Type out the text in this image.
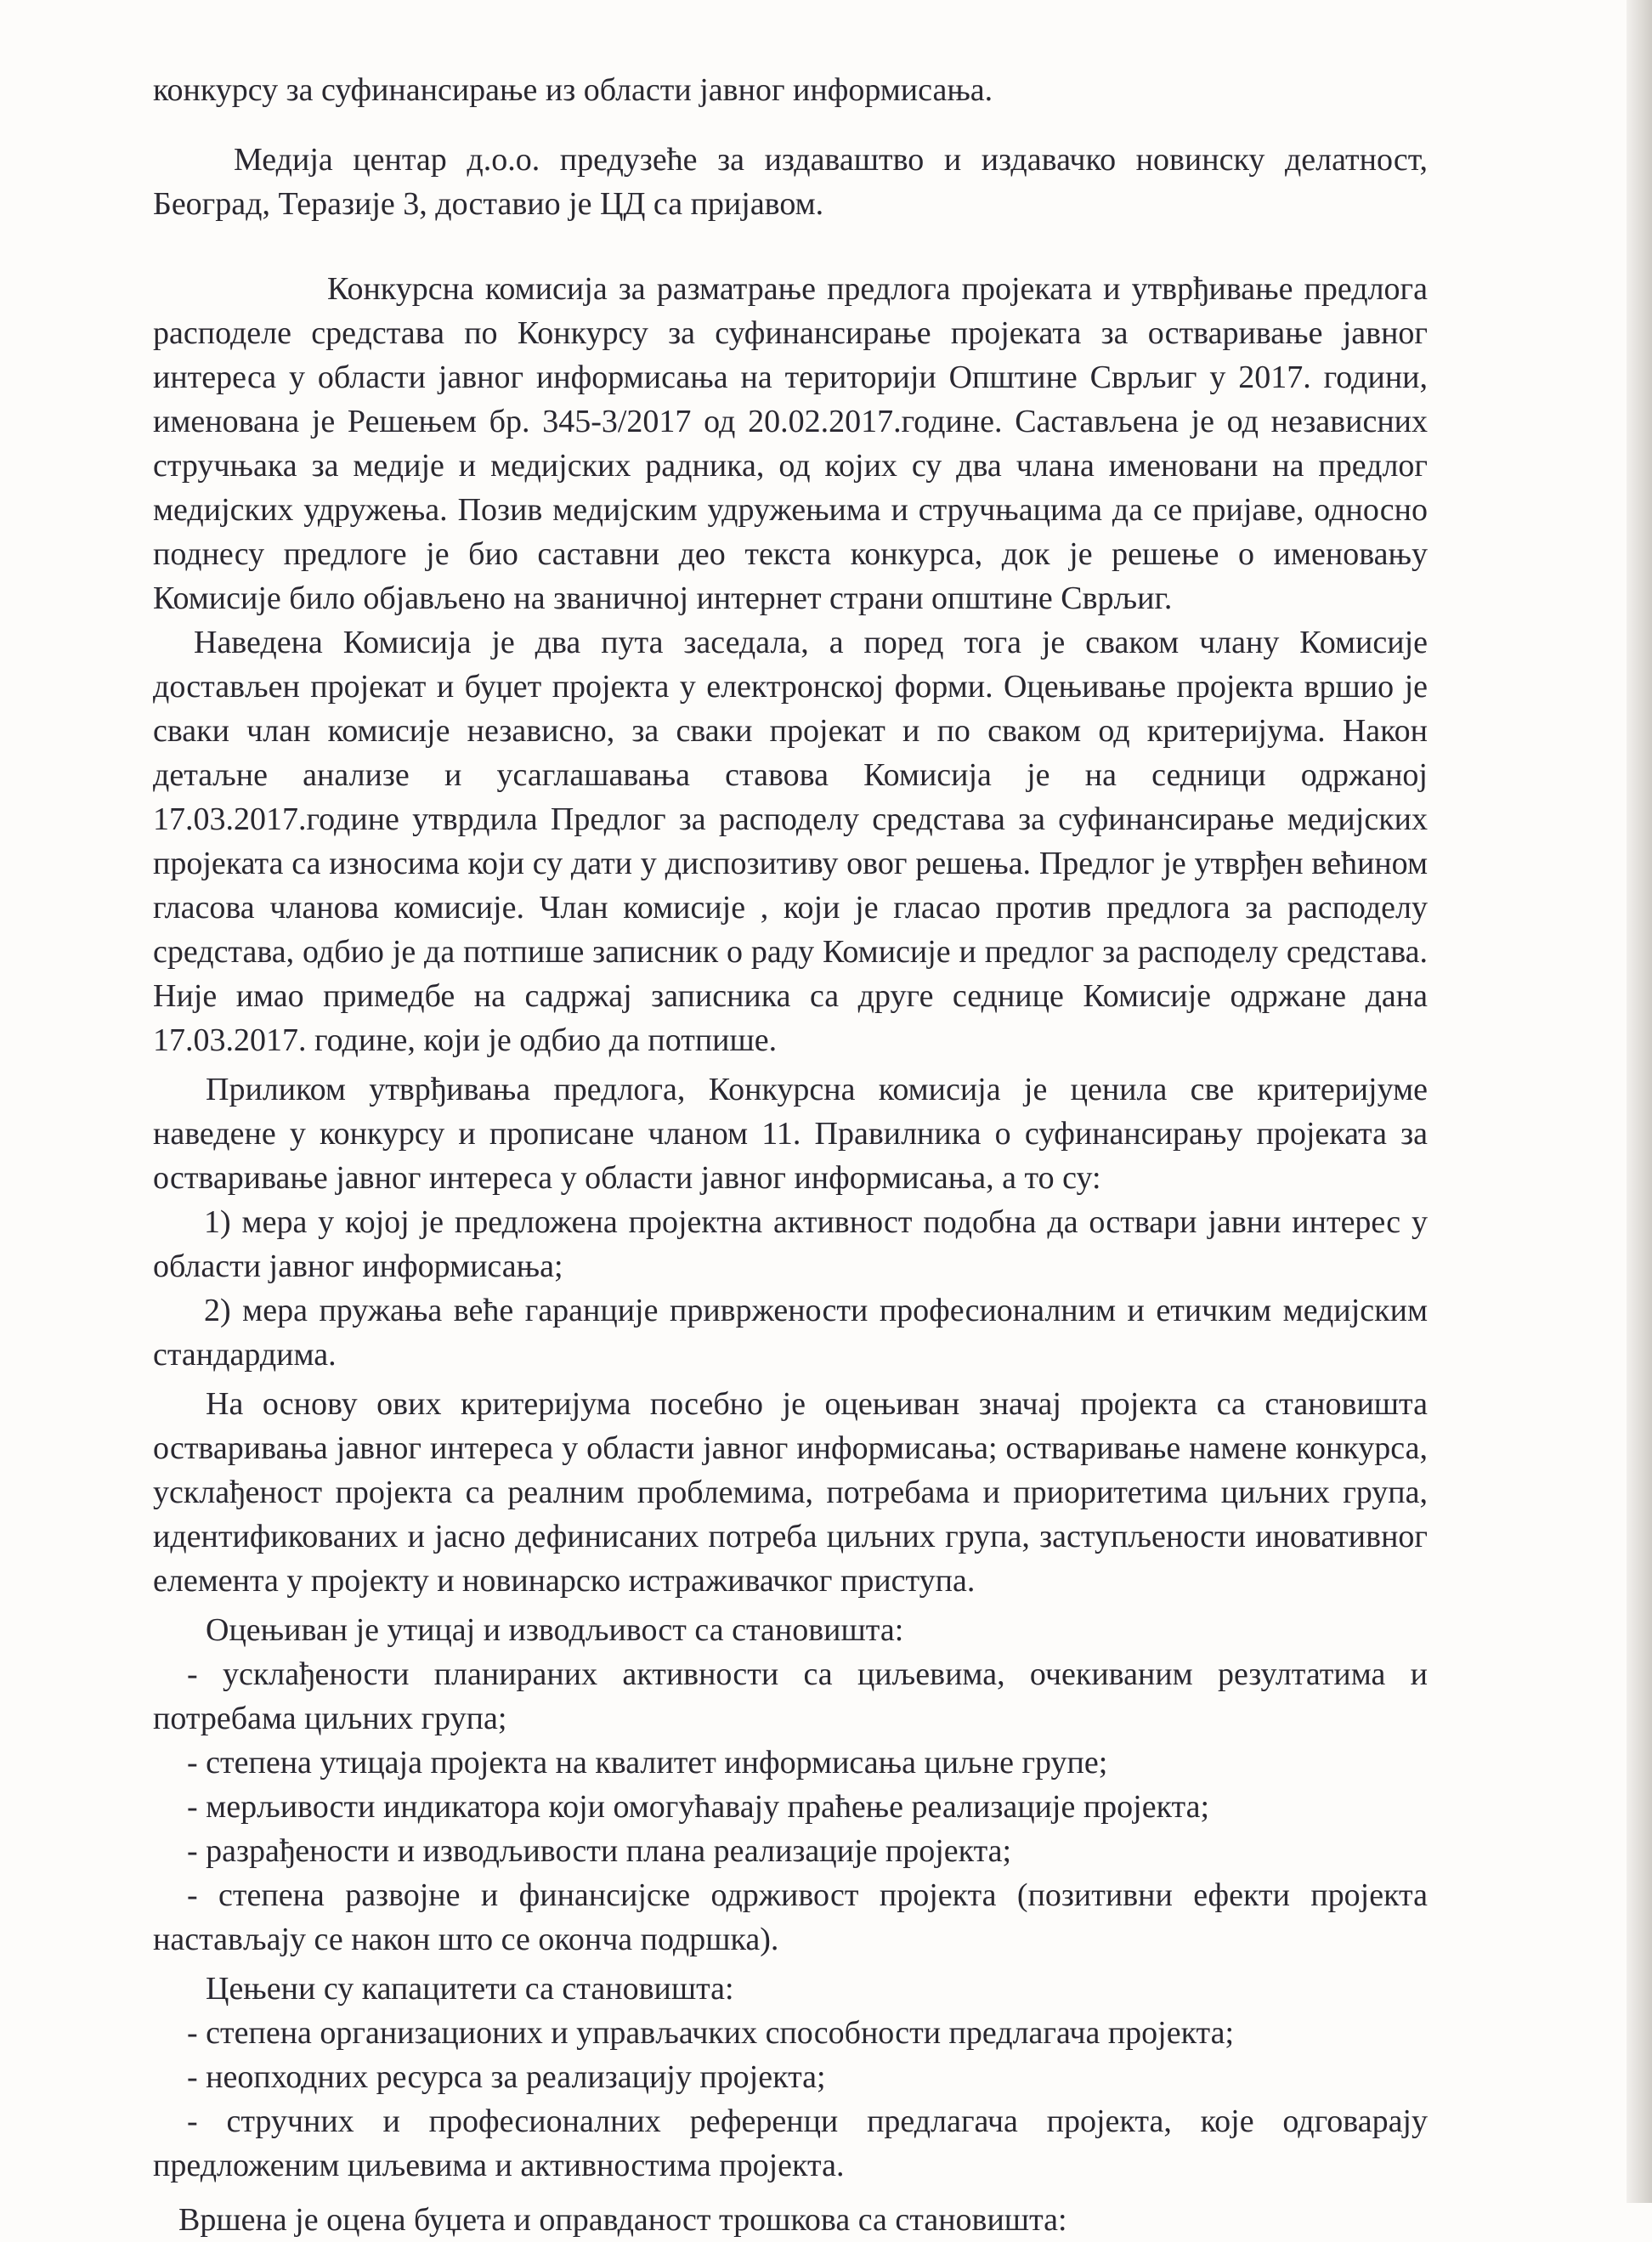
конкурсу за суфинансирање из области јавног информисања.

Медија центар д.о.о. предузеће за издаваштво и издавачко новинску делатност, Београд, Теразије 3, доставио је ЦД са пријавом.

Конкурсна комисија за разматрање предлога пројеката и утврђивање предлога расподеле средстава по Конкурсу за суфинансирање пројеката за остваривање јавног интереса у области јавног информисања на територији Општине Сврљиг у 2017. години, именована је Решењем бр. 345-3/2017 од 20.02.2017.године. Састављена је од независних стручњака за медије и медијских радника, од којих су два члана именовани на предлог медијских удружења. Позив медијским удружењима и стручњацима да се пријаве, односно поднесу предлоге је био саставни део текста конкурса, док је решење о именовању Комисије било објављено на званичној интернет страни општине Сврљиг.

Наведена Комисија је два пута заседала, а поред тога је сваком члану Комисије достављен пројекат и буџет пројекта у електронској форми. Оцењивање пројекта вршио је сваки члан комисије независно, за сваки пројекат и по сваком од критеријума. Након детаљне анализе и усаглашавања ставова Комисија је на седници одржаној 17.03.2017.године утврдила Предлог за расподелу средстава за суфинансирање медијских пројеката са износима који су дати у диспозитиву овог решења. Предлог је утврђен већином гласова чланова комисије. Члан комисије , који је гласао против предлога за расподелу средстава, одбио је да потпише записник о раду Комисије и предлог за расподелу средстава. Није имао примедбе на садржај записника са друге седнице Комисије одржане дана 17.03.2017. године, који је одбио да потпише.

Приликом утврђивања предлога, Конкурсна комисија је ценила све критеријуме наведене у конкурсу и прописане чланом 11. Правилника о суфинансирању пројеката за остваривање јавног интереса у области јавног информисања, а то су:

1) мера у којој је предложена пројектна активност подобна да оствари јавни интерес у области јавног информисања;

2) мера пружања веће гаранције привржености професионалним и етичким медијским стандардима.

На основу ових критеријума посебно је оцењиван значај пројекта са становишта остваривања јавног интереса у области јавног информисања; остваривање намене конкурса, усклађеност пројекта са реалним проблемима, потребама и приоритетима циљних група, идентификованих и јасно дефинисаних потреба циљних група, заступљености иновативног елемента у пројекту и новинарско истраживачког приступа.

Оцењиван је утицај и изводљивост са становишта:

- усклађености планираних активности са циљевима, очекиваним резултатима и потребама циљних група;

- степена утицаја пројекта на квалитет информисања циљне групе;

- мерљивости индикатора који омогућавају праћење реализације пројекта;

- разрађености и изводљивости плана реализације пројекта;

- степена развојне и финансијске одрживост пројекта (позитивни ефекти пројекта настављају се након што се оконча подршка).

Цењени су капацитети са становишта:

- степена организационих и управљачких способности предлагача пројекта;

- неопходних ресурса за реализацију пројекта;

- стручних и професионалних референци предлагача пројекта, које одговарају предложеним циљевима и активностима пројекта.

Вршена је оцена буџета и оправданост трошкова са становишта:
